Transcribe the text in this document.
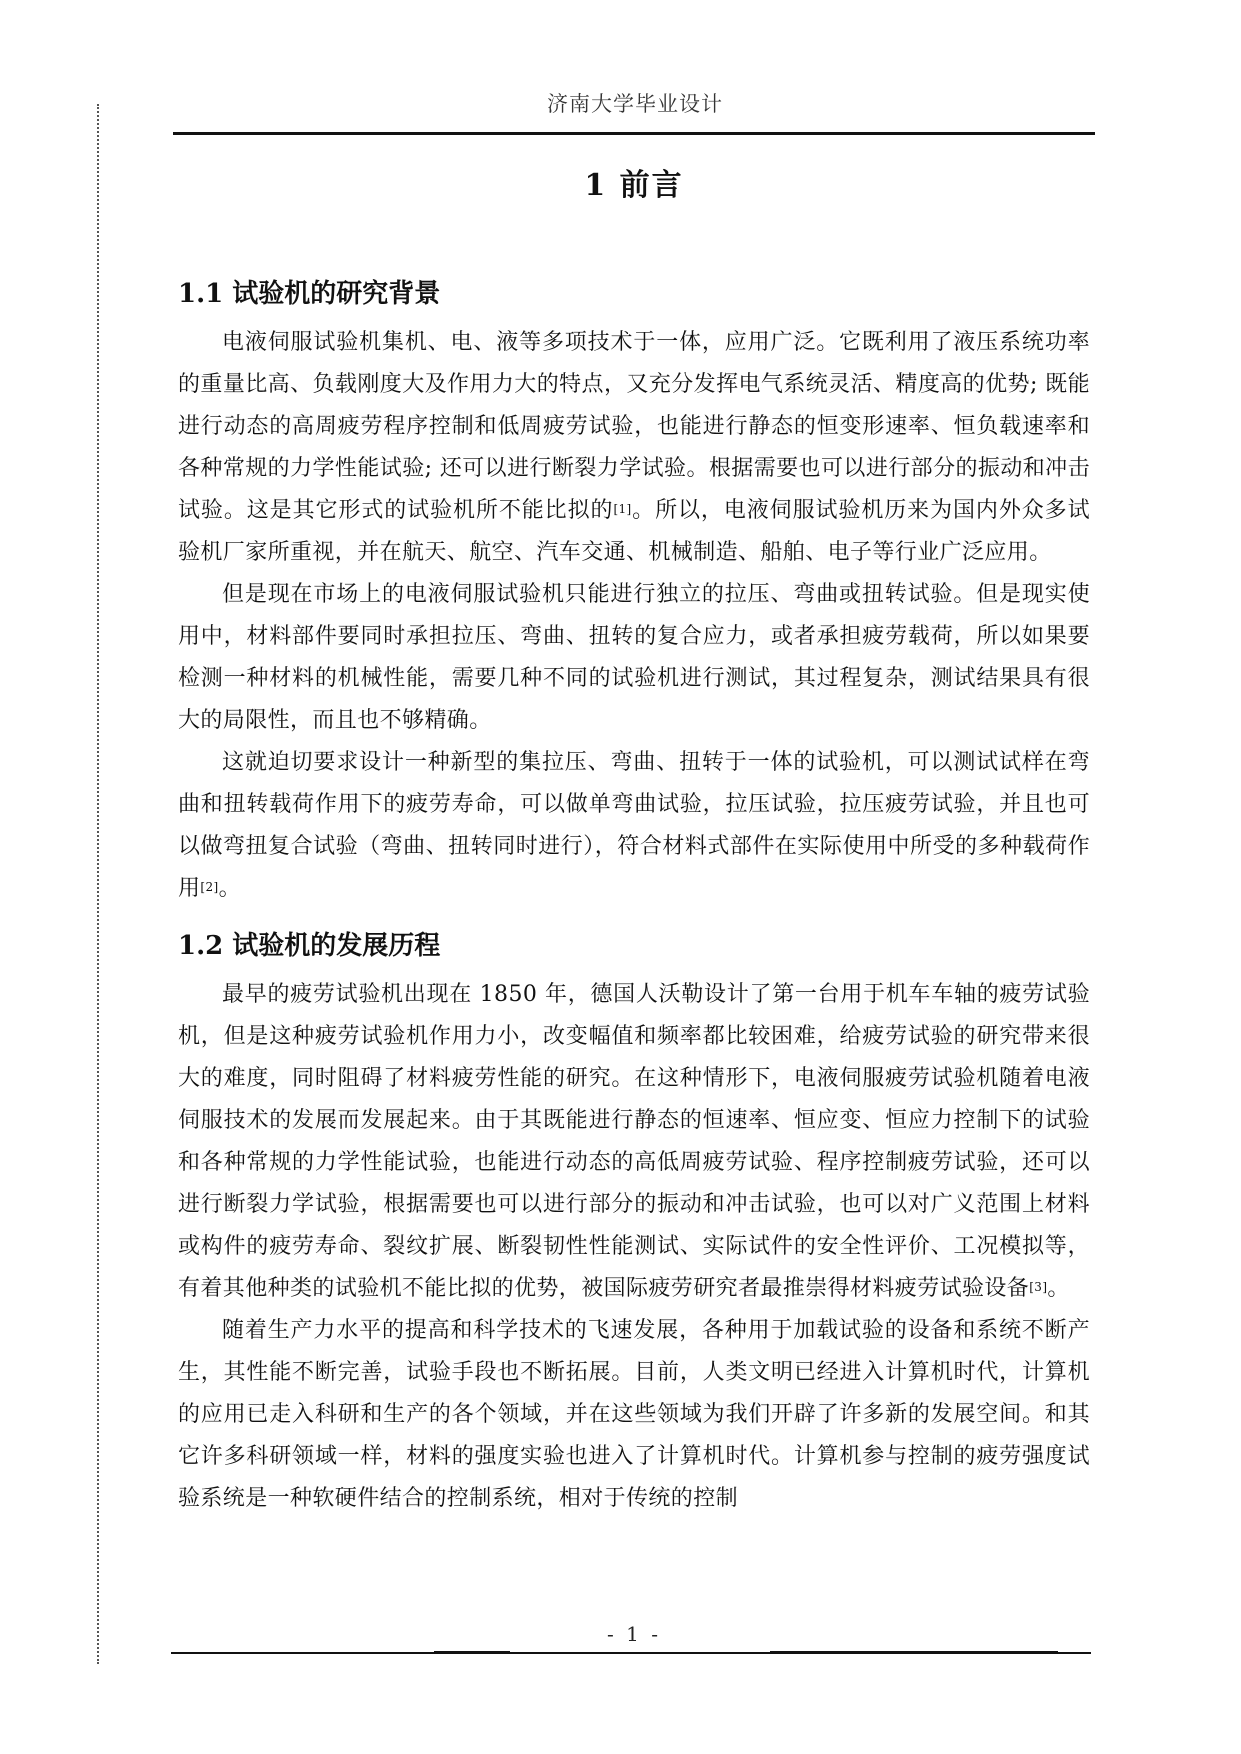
济南大学毕业设计
1 前言
1.1 试验机的研究背景

电液伺服试验机集机、电、液等多项技术于一体，应用广泛。它既利用了液压系统功率的重量比高、负载刚度大及作用力大的特点，又充分发挥电气系统灵活、精度高的优势; 既能进行动态的高周疲劳程序控制和低周疲劳试验，也能进行静态的恒变形速率、恒负载速率和各种常规的力学性能试验; 还可以进行断裂力学试验。根据需要也可以进行部分的振动和冲击试验。这是其它形式的试验机所不能比拟的[1]。所以，电液伺服试验机历来为国内外众多试验机厂家所重视，并在航天、航空、汽车交通、机械制造、船舶、电子等行业广泛应用。

但是现在市场上的电液伺服试验机只能进行独立的拉压、弯曲或扭转试验。但是现实使用中，材料部件要同时承担拉压、弯曲、扭转的复合应力，或者承担疲劳载荷，所以如果要检测一种材料的机械性能，需要几种不同的试验机进行测试，其过程复杂，测试结果具有很大的局限性，而且也不够精确。

这就迫切要求设计一种新型的集拉压、弯曲、扭转于一体的试验机，可以测试试样在弯曲和扭转载荷作用下的疲劳寿命，可以做单弯曲试验，拉压试验，拉压疲劳试验，并且也可以做弯扭复合试验（弯曲、扭转同时进行），符合材料式部件在实际使用中所受的多种载荷作用[2]。

1.2 试验机的发展历程

最早的疲劳试验机出现在 1850 年，德国人沃勒设计了第一台用于机车车轴的疲劳试验机，但是这种疲劳试验机作用力小，改变幅值和频率都比较困难，给疲劳试验的研究带来很大的难度，同时阻碍了材料疲劳性能的研究。在这种情形下，电液伺服疲劳试验机随着电液伺服技术的发展而发展起来。由于其既能进行静态的恒速率、恒应变、恒应力控制下的试验和各种常规的力学性能试验，也能进行动态的高低周疲劳试验、程序控制疲劳试验，还可以进行断裂力学试验，根据需要也可以进行部分的振动和冲击试验，也可以对广义范围上材料或构件的疲劳寿命、裂纹扩展、断裂韧性性能测试、实际试件的安全性评价、工况模拟等，有着其他种类的试验机不能比拟的优势，被国际疲劳研究者最推崇得材料疲劳试验设备[3]。

随着生产力水平的提高和科学技术的飞速发展，各种用于加载试验的设备和系统不断产生，其性能不断完善，试验手段也不断拓展。目前，人类文明已经进入计算机时代，计算机的应用已走入科研和生产的各个领域，并在这些领域为我们开辟了许多新的发展空间。和其它许多科研领域一样，材料的强度实验也进入了计算机时代。计算机参与控制的疲劳强度试验系统是一种软硬件结合的控制系统，相对于传统的控制

- 1 -
